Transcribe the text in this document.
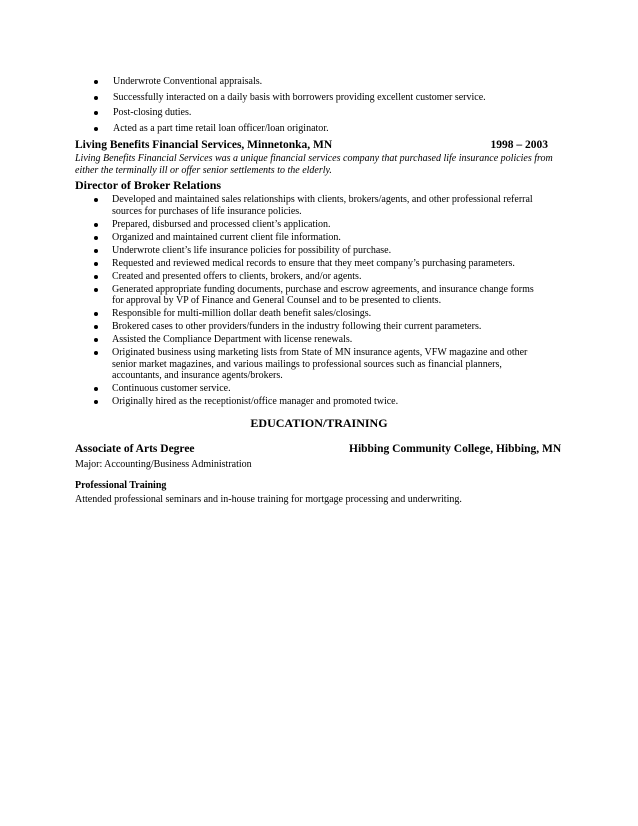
Underwrote Conventional appraisals.
Successfully interacted on a daily basis with borrowers providing excellent customer service.
Post-closing duties.
Acted as a part time retail loan officer/loan originator.
Living Benefits Financial Services, Minnetonka, MN	1998 – 2003
Living Benefits Financial Services was a unique financial services company that purchased life insurance policies from either the terminally ill or offer senior settlements to the elderly.
Director of Broker Relations
Developed and maintained sales relationships with clients, brokers/agents, and other professional referral sources for purchases of life insurance policies.
Prepared, disbursed and processed client’s application.
Organized and maintained current client file information.
Underwrote client’s life insurance policies for possibility of purchase.
Requested and reviewed medical records to ensure that they meet company’s purchasing parameters.
Created and presented offers to clients, brokers, and/or agents.
Generated appropriate funding documents, purchase and escrow agreements, and insurance change forms for approval by VP of Finance and General Counsel and to be presented to clients.
Responsible for multi-million dollar death benefit sales/closings.
Brokered cases to other providers/funders in the industry following their current parameters.
Assisted the Compliance Department with license renewals.
Originated business using marketing lists from State of MN insurance agents, VFW magazine and other senior market magazines, and various mailings to professional sources such as financial planners, accountants, and insurance agents/brokers.
Continuous customer service.
Originally hired as the receptionist/office manager and promoted twice.
EDUCATION/TRAINING
Associate of Arts Degree	Hibbing Community College, Hibbing, MN
Major: Accounting/Business Administration
Professional Training
Attended professional seminars and in-house training for mortgage processing and underwriting.
